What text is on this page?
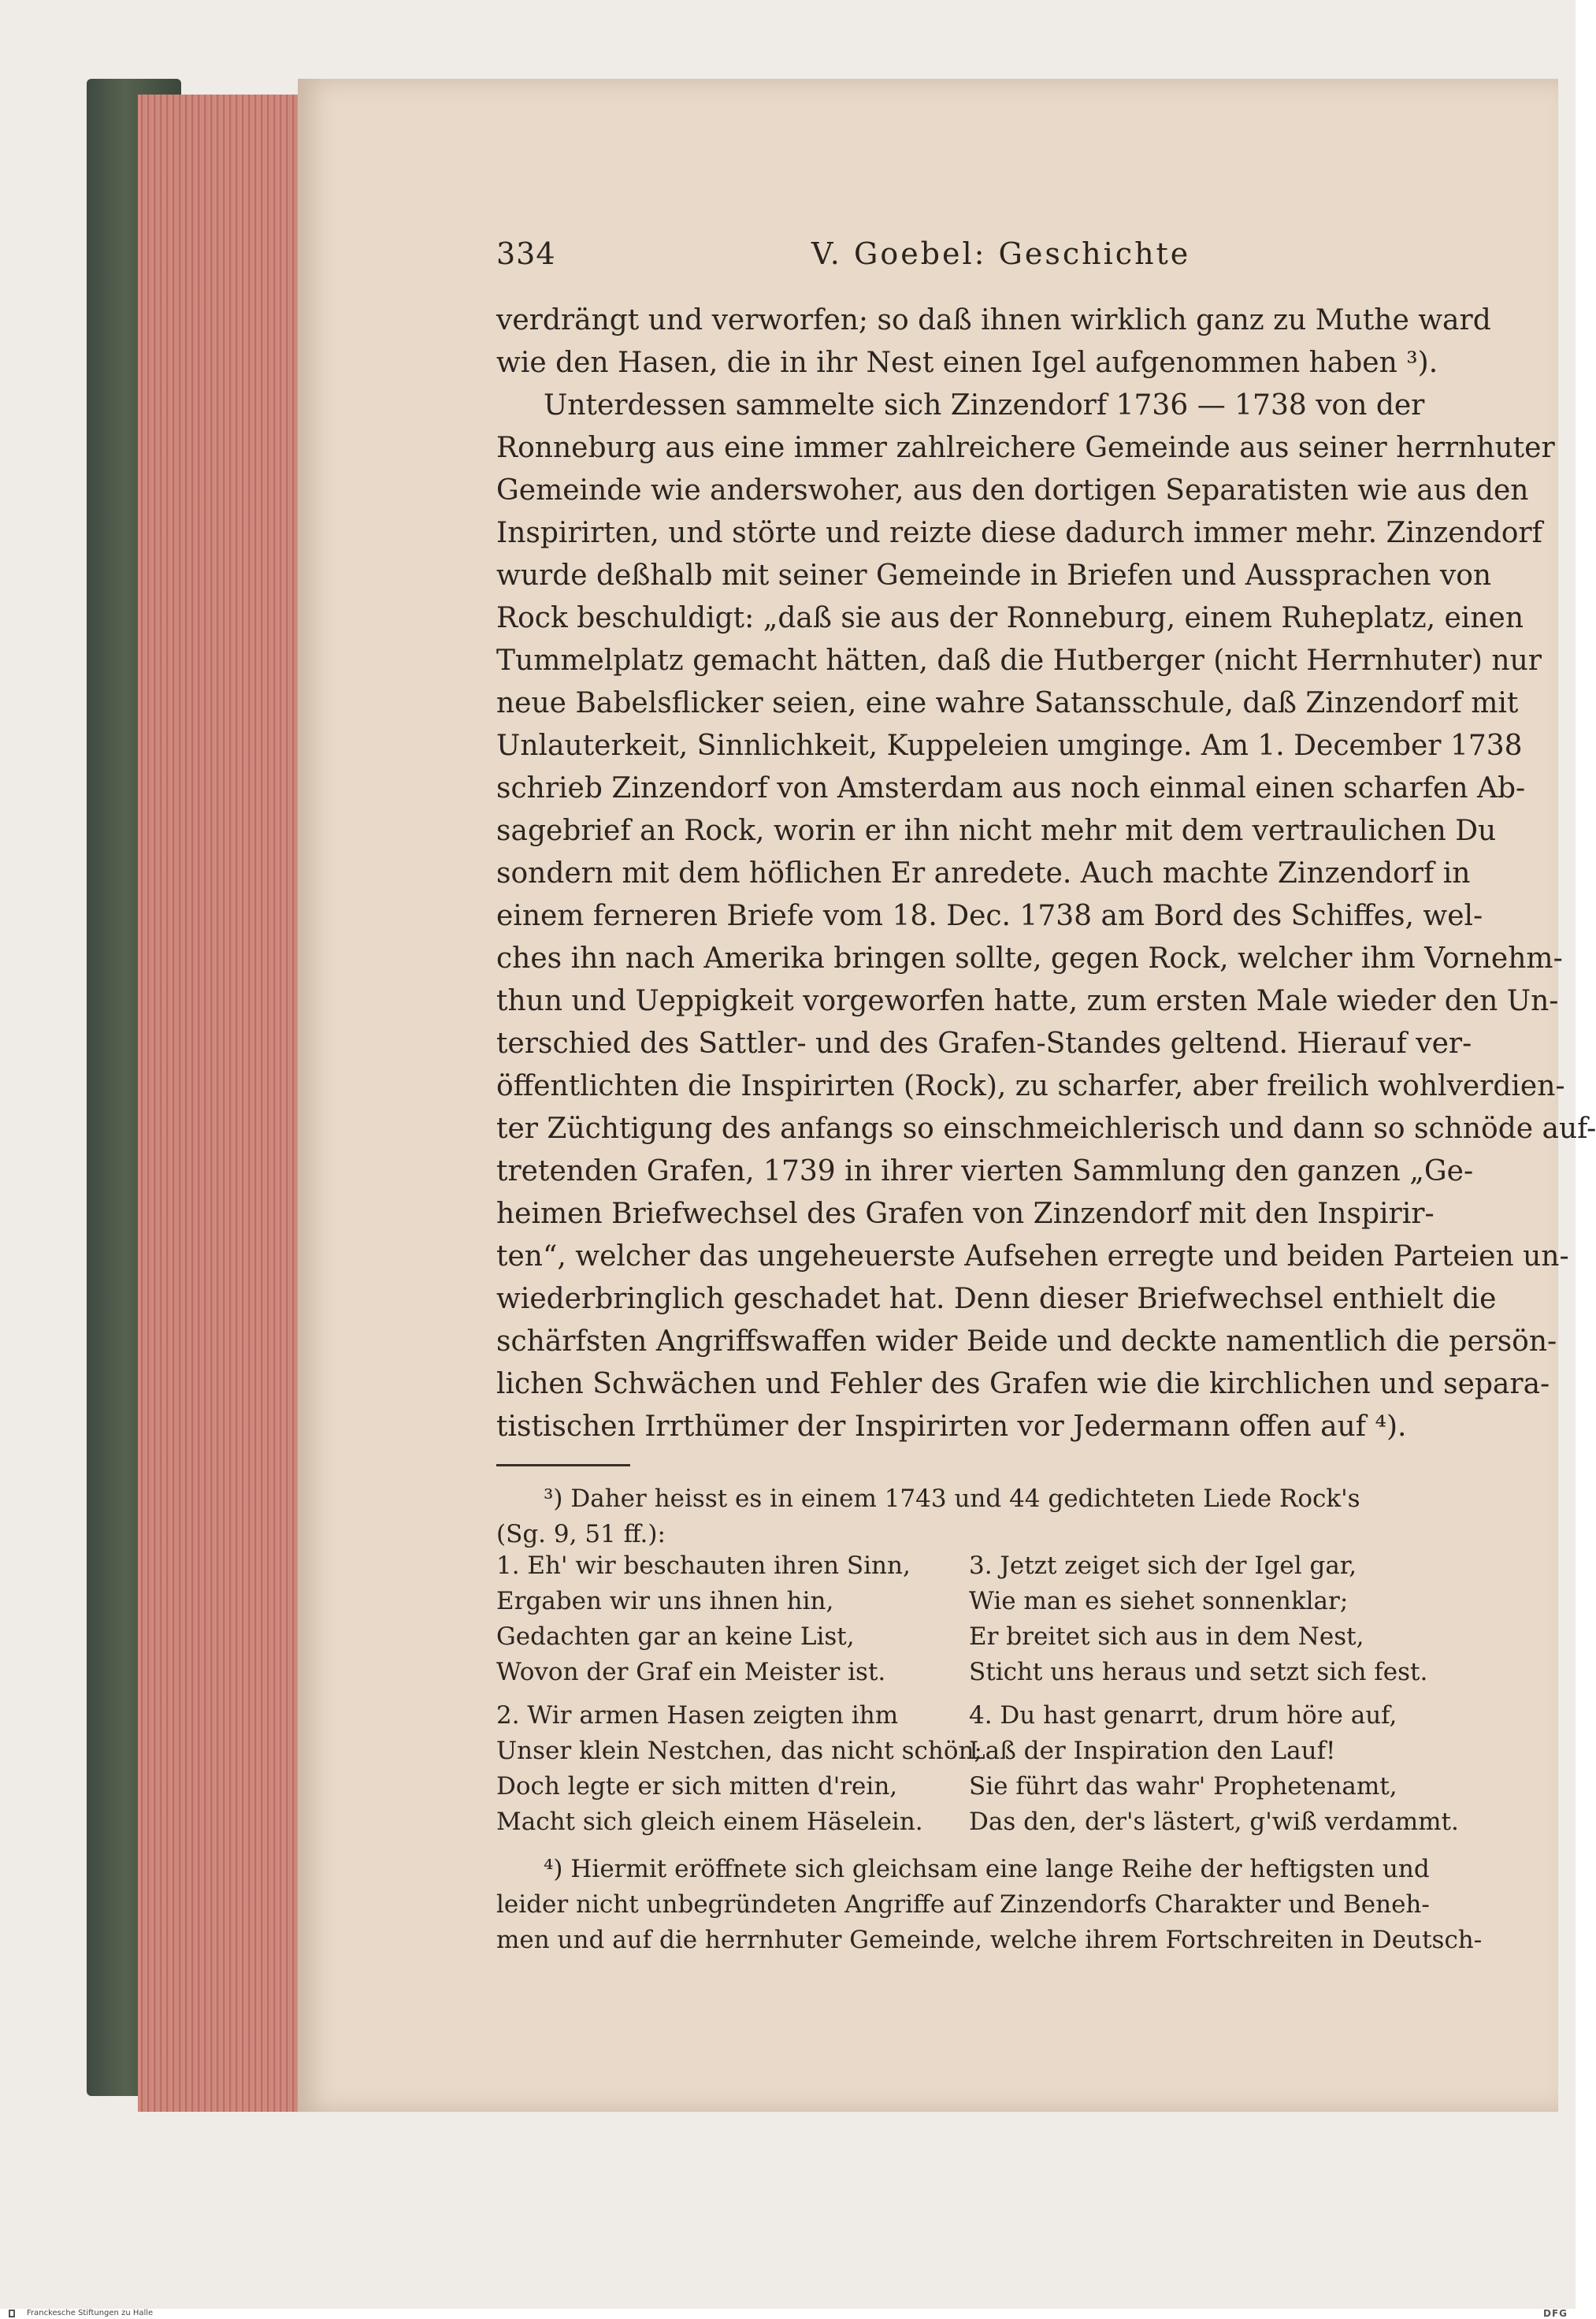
334	V. Goebel: Geschichte

verdrängt und verworfen; so daß ihnen wirklich ganz zu Muthe ward
wie den Hasen, die in ihr Nest einen Igel aufgenommen haben ³).

Unterdessen sammelte sich Zinzendorf 1736 — 1738 von der
Ronneburg aus eine immer zahlreichere Gemeinde aus seiner herrnhuter
Gemeinde wie anderswoher, aus den dortigen Separatisten wie aus den
Inspirirten, und störte und reizte diese dadurch immer mehr. Zinzendorf
wurde deßhalb mit seiner Gemeinde in Briefen und Aussprachen von
Rock beschuldigt: „daß sie aus der Ronneburg, einem Ruheplatz, einen
Tummelplatz gemacht hätten, daß die Hutberger (nicht Herrnhuter) nur
neue Babelsflicker seien, eine wahre Satansschule, daß Zinzendorf mit
Unlauterkeit, Sinnlichkeit, Kuppeleien umginge. Am 1. December 1738
schrieb Zinzendorf von Amsterdam aus noch einmal einen scharfen Ab-
sagebrief an Rock, worin er ihn nicht mehr mit dem vertraulichen Du
sondern mit dem höflichen Er anredete. Auch machte Zinzendorf in
einem ferneren Briefe vom 18. Dec. 1738 am Bord des Schiffes, wel-
ches ihn nach Amerika bringen sollte, gegen Rock, welcher ihm Vornehm-
thun und Ueppigkeit vorgeworfen hatte, zum ersten Male wieder den Un-
terschied des Sattler- und des Grafen-Standes geltend. Hierauf ver-
öffentlichten die Inspirirten (Rock), zu scharfer, aber freilich wohlverdien-
ter Züchtigung des anfangs so einschmeichlerisch und dann so schnöde auf-
tretenden Grafen, 1739 in ihrer vierten Sammlung den ganzen „Ge-
heimen Briefwechsel des Grafen von Zinzendorf mit den Inspirir-
ten“, welcher das ungeheuerste Aufsehen erregte und beiden Parteien un-
wiederbringlich geschadet hat. Denn dieser Briefwechsel enthielt die
schärfsten Angriffswaffen wider Beide und deckte namentlich die persön-
lichen Schwächen und Fehler des Grafen wie die kirchlichen und separa-
tistischen Irrthümer der Inspirirten vor Jedermann offen auf ⁴).

³) Daher heisst es in einem 1743 und 44 gedichteten Liede Rock's
(Sg. 9, 51 ff.):
1. Eh' wir beschauten ihren Sinn,
Ergaben wir uns ihnen hin,
Gedachten gar an keine List,
Wovon der Graf ein Meister ist.
2. Wir armen Hasen zeigten ihm
Unser klein Nestchen, das nicht schön;
Doch legte er sich mitten d'rein,
Macht sich gleich einem Häselein.
3. Jetzt zeiget sich der Igel gar,
Wie man es siehet sonnenklar;
Er breitet sich aus in dem Nest,
Sticht uns heraus und setzt sich fest.
4. Du hast genarrt, drum höre auf,
Laß der Inspiration den Lauf!
Sie führt das wahr' Prophetenamt,
Das den, der's lästert, g'wiß verdammt.
⁴) Hiermit eröffnete sich gleichsam eine lange Reihe der heftigsten und
leider nicht unbegründeten Angriffe auf Zinzendorfs Charakter und Beneh-
men und auf die herrnhuter Gemeinde, welche ihrem Fortschreiten in Deutsch-
Franckesche Stiftungen zu Halle	DFG
